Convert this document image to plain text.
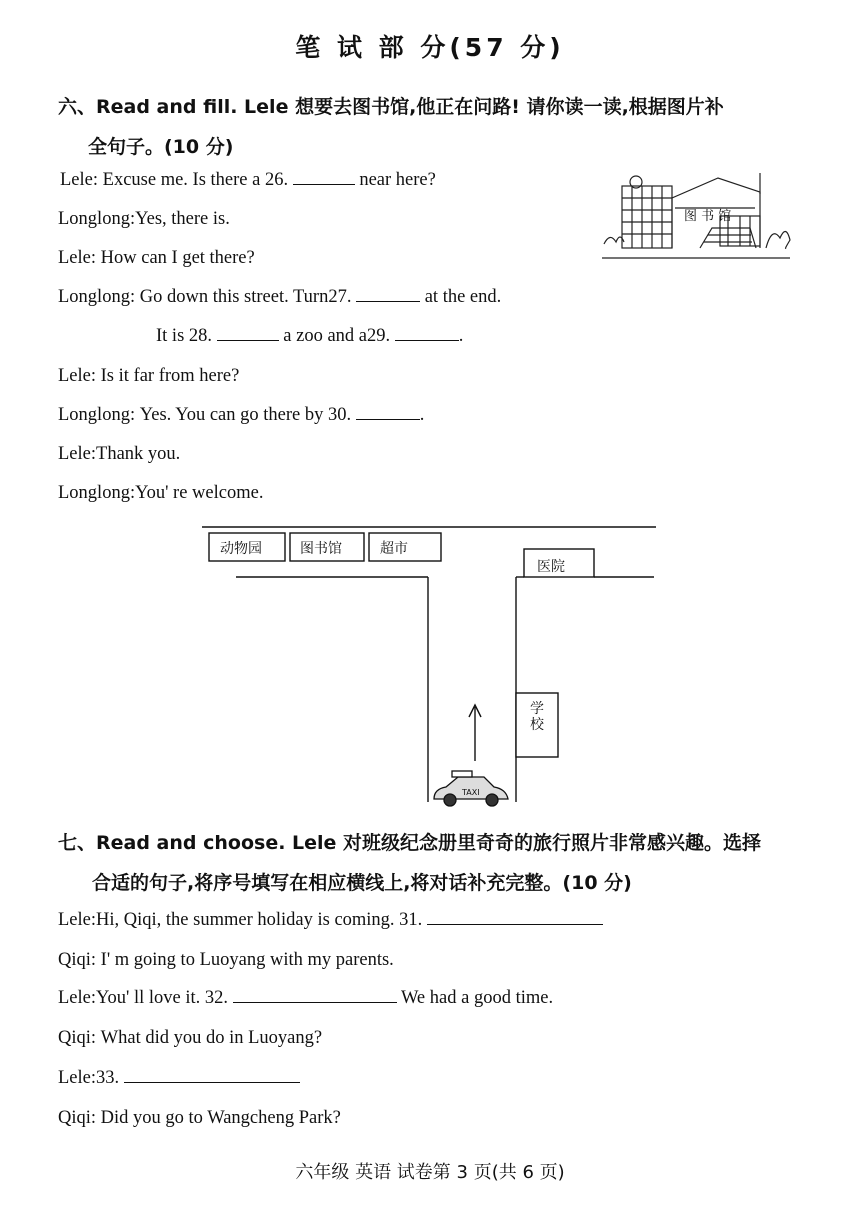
笔 试 部 分(57 分)
六、Read and fill. Lele 想要去图书馆,他正在问路! 请你读一读,根据图片补
全句子。(10 分)
图 书 馆
Lele: Excuse me. Is there a 26.	near here?
Longlong:Yes, there is.
Lele: How can I get there?
Longlong: Go down this street. Turn27.	at the end.
It is 28.	a zoo and a29.	.
Lele: Is it far from here?
Longlong: Yes. You can go there by 30.	.
Lele:Thank you.
Longlong:You' re welcome.
动物园	图书馆	超市
医院
学
校
TAXI
七、Read and choose. Lele 对班级纪念册里奇奇的旅行照片非常感兴趣。选择
合适的句子,将序号填写在相应横线上,将对话补充完整。(10 分)
Lele:Hi, Qiqi, the summer holiday is coming. 31.
Qiqi: I' m going to Luoyang with my parents.
Lele:You' ll love it. 32.	We had a good time.
Qiqi: What did you do in Luoyang?
Lele:33.
Qiqi: Did you go to Wangcheng Park?
六年级 英语 试卷第 3 页(共 6 页)
